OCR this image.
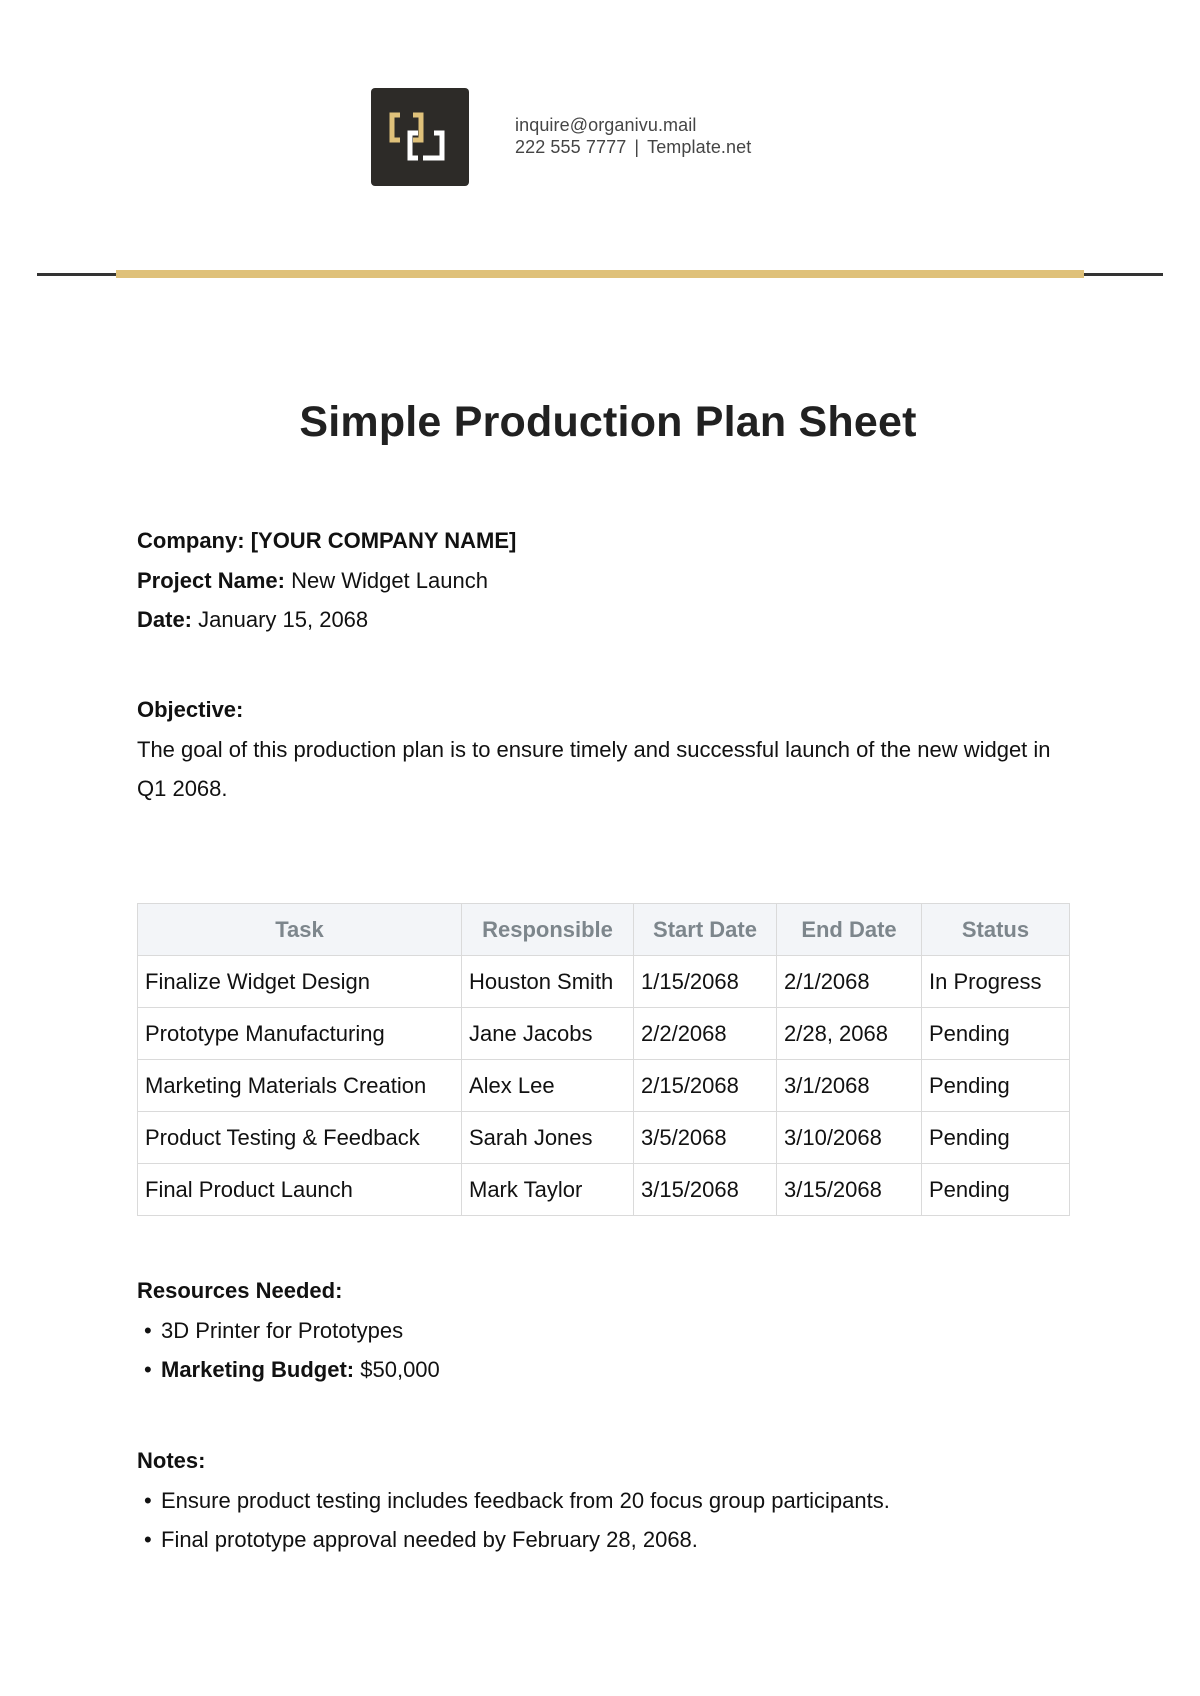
inquire@organivu.mail
222 555 7777 | Template.net
Simple Production Plan Sheet
Company: [YOUR COMPANY NAME]
Project Name: New Widget Launch
Date: January 15, 2068
Objective:
The goal of this production plan is to ensure timely and successful launch of the new widget in Q1 2068.
Task	Responsible	Start Date	End Date	Status
Finalize Widget Design	Houston Smith	1/15/2068	2/1/2068	In Progress
Prototype Manufacturing	Jane Jacobs	2/2/2068	2/28, 2068	Pending
Marketing Materials Creation	Alex Lee	2/15/2068	3/1/2068	Pending
Product Testing & Feedback	Sarah Jones	3/5/2068	3/10/2068	Pending
Final Product Launch	Mark Taylor	3/15/2068	3/15/2068	Pending
Resources Needed:
• 3D Printer for Prototypes
• Marketing Budget: $50,000
Notes:
• Ensure product testing includes feedback from 20 focus group participants.
• Final prototype approval needed by February 28, 2068.
